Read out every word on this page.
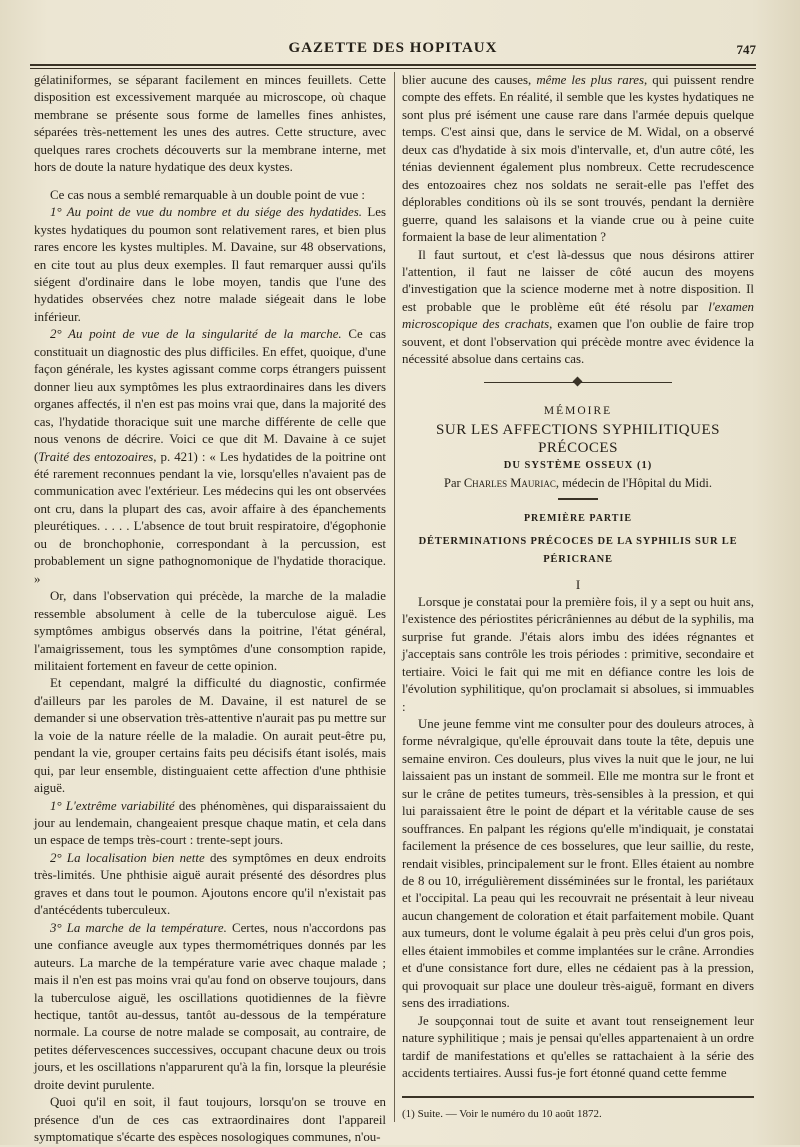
GAZETTE DES HOPITAUX	747

gélatiniformes, se séparant facilement en minces feuillets. Cette disposition est excessivement marquée au microscope, où chaque membrane se présente sous forme de lamelles fines anhistes, séparées très-nettement les unes des autres. Cette structure, avec quelques rares crochets découverts sur la membrane interne, met hors de doute la nature hydatique des deux kystes.

Ce cas nous a semblé remarquable à un double point de vue :

1° Au point de vue du nombre et du siége des hydatides. Les kystes hydatiques du poumon sont relativement rares, et bien plus rares encore les kystes multiples. M. Davaine, sur 48 observations, en cite tout au plus deux exemples. Il faut remarquer aussi qu'ils siégent d'ordinaire dans le lobe moyen, tandis que l'une des hydatides observées chez notre malade siégeait dans le lobe inférieur.

2° Au point de vue de la singularité de la marche. Ce cas constituait un diagnostic des plus difficiles. En effet, quoique, d'une façon générale, les kystes agissant comme corps étrangers puissent donner lieu aux symptômes les plus extraordinaires dans les divers organes affectés, il n'en est pas moins vrai que, dans la majorité des cas, l'hydatide thoracique suit une marche différente de celle que nous venons de décrire. Voici ce que dit M. Davaine à ce sujet (Traité des entozoaires, p. 421) : « Les hydatides de la poitrine ont été rarement reconnues pendant la vie, lorsqu'elles n'avaient pas de communication avec l'extérieur. Les médecins qui les ont observées ont cru, dans la plupart des cas, avoir affaire à des épanchements pleurétiques. . . . . L'absence de tout bruit respiratoire, d'égophonie ou de bronchophonie, correspondant à la percussion, est probablement un signe pathognomonique de l'hydatide thoracique. »

Or, dans l'observation qui précède, la marche de la maladie ressemble absolument à celle de la tuberculose aiguë. Les symptômes ambigus observés dans la poitrine, l'état général, l'amaigrissement, tous les symptômes d'une consomption rapide, militaient fortement en faveur de cette opinion.

Et cependant, malgré la difficulté du diagnostic, confirmée d'ailleurs par les paroles de M. Davaine, il est naturel de se demander si une observation très-attentive n'aurait pas pu mettre sur la voie de la nature réelle de la maladie. On aurait peut-être pu, pendant la vie, grouper certains faits peu décisifs étant isolés, mais qui, par leur ensemble, distinguaient cette affection d'une phthisie aiguë.

1° L'extrême variabilité des phénomènes, qui disparaissaient du jour au lendemain, changeaient presque chaque matin, et cela dans un espace de temps très-court : trente-sept jours.

2° La localisation bien nette des symptômes en deux endroits très-limités. Une phthisie aiguë aurait présenté des désordres plus graves et dans tout le poumon. Ajoutons encore qu'il n'existait pas d'antécédents tuberculeux.

3° La marche de la température. Certes, nous n'accordons pas une confiance aveugle aux types thermométriques donnés par les auteurs. La marche de la température varie avec chaque malade ; mais il n'en est pas moins vrai qu'au fond on observe toujours, dans la tuberculose aiguë, les oscillations quotidiennes de la fièvre hectique, tantôt au-dessus, tantôt au-dessous de la température normale. La course de notre malade se composait, au contraire, de petites défervescences successives, occupant chacune deux ou trois jours, et les oscillations n'apparurent qu'à la fin, lorsque la pleurésie droite devint purulente.

Quoi qu'il en soit, il faut toujours, lorsqu'on se trouve en présence d'un de ces cas extraordinaires dont l'appareil symptomatique s'écarte des espèces nosologiques communes, n'ou-

blier aucune des causes, même les plus rares, qui puissent rendre compte des effets. En réalité, il semble que les kystes hydatiques ne sont plus pré isément une cause rare dans l'armée depuis quelque temps. C'est ainsi que, dans le service de M. Widal, on a observé deux cas d'hydatide à six mois d'intervalle, et, d'un autre côté, les ténias deviennent également plus nombreux. Cette recrudescence des entozoaires chez nos soldats ne serait-elle pas l'effet des déplorables conditions où ils se sont trouvés, pendant la dernière guerre, quand les salaisons et la viande crue ou à peine cuite formaient la base de leur alimentation ?

Il faut surtout, et c'est là-dessus que nous désirons attirer l'attention, il faut ne laisser de côté aucun des moyens d'investigation que la science moderne met à notre disposition. Il est probable que le problème eût été résolu par l'examen microscopique des crachats, examen que l'on oublie de faire trop souvent, et dont l'observation qui précède montre avec évidence la nécessité absolue dans certains cas.

MÉMOIRE
SUR LES AFFECTIONS SYPHILITIQUES PRÉCOCES
DU SYSTÈME OSSEUX (1)
Par Charles Mauriac, médecin de l'Hôpital du Midi.
PREMIÈRE PARTIE
DÉTERMINATIONS PRÉCOCES DE LA SYPHILIS SUR LE PÉRICRANE
I

Lorsque je constatai pour la première fois, il y a sept ou huit ans, l'existence des périostites péricrâniennes au début de la syphilis, ma surprise fut grande. J'étais alors imbu des idées régnantes et j'acceptais sans contrôle les trois périodes : primitive, secondaire et tertiaire. Voici le fait qui me mit en défiance contre les lois de l'évolution syphilitique, qu'on proclamait si absolues, si immuables :

Une jeune femme vint me consulter pour des douleurs atroces, à forme névralgique, qu'elle éprouvait dans toute la tête, depuis une semaine environ. Ces douleurs, plus vives la nuit que le jour, ne lui laissaient pas un instant de sommeil. Elle me montra sur le front et sur le crâne de petites tumeurs, très-sensibles à la pression, et qui lui paraissaient être le point de départ et la véritable cause de ses souffrances. En palpant les régions qu'elle m'indiquait, je constatai facilement la présence de ces bosselures, que leur saillie, du reste, rendait visibles, principalement sur le front. Elles étaient au nombre de 8 ou 10, irrégulièrement disséminées sur le frontal, les pariétaux et l'occipital. La peau qui les recouvrait ne présentait à leur niveau aucun changement de coloration et était parfaitement mobile. Quant aux tumeurs, dont le volume égalait à peu près celui d'un gros pois, elles étaient immobiles et comme implantées sur le crâne. Arrondies et d'une consistance fort dure, elles ne cédaient pas à la pression, qui provoquait sur place une douleur très-aiguë, formant en divers sens des irradiations.

Je soupçonnai tout de suite et avant tout renseignement leur nature syphilitique ; mais je pensai qu'elles appartenaient à un ordre tardif de manifestations et qu'elles se rattachaient à la série des accidents tertiaires. Aussi fus-je fort étonné quand cette femme

(1) Suite. — Voir le numéro du 10 août 1872.
